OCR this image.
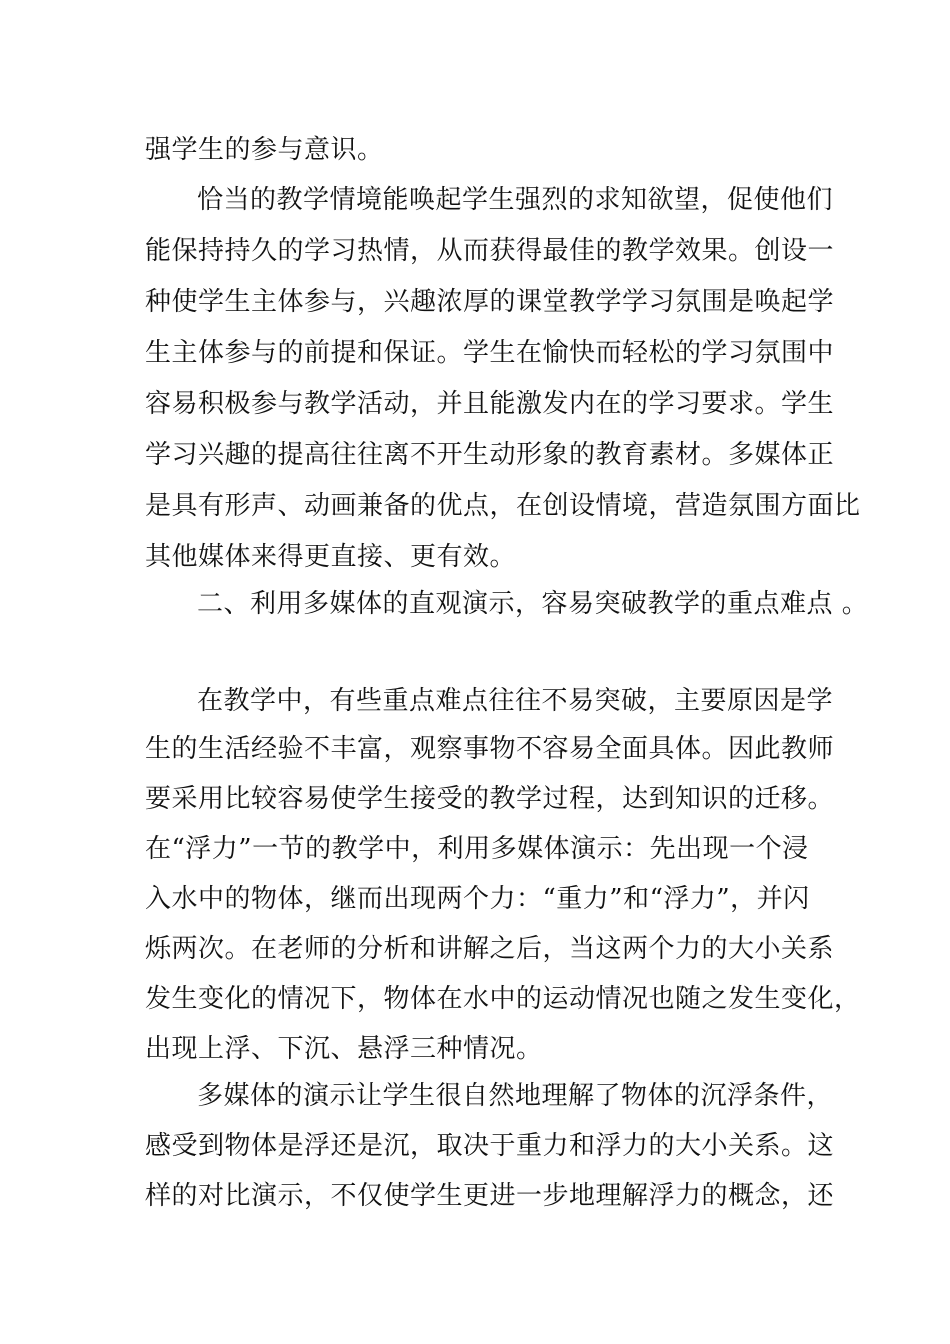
强学生的参与意识。
恰当的教学情境能唤起学生强烈的求知欲望，促使他们
能保持持久的学习热情，从而获得最佳的教学效果。创设一
种使学生主体参与，兴趣浓厚的课堂教学学习氛围是唤起学
生主体参与的前提和保证。学生在愉快而轻松的学习氛围中
容易积极参与教学活动，并且能激发内在的学习要求。学生
学习兴趣的提高往往离不开生动形象的教育素材。多媒体正
是具有形声、动画兼备的优点，在创设情境，营造氛围方面比
其他媒体来得更直接、更有效。
二、利用多媒体的直观演示，容易突破教学的重点难点 。
在教学中，有些重点难点往往不易突破，主要原因是学
生的生活经验不丰富，观察事物不容易全面具体。因此教师
要采用比较容易使学生接受的教学过程，达到知识的迁移。
在“浮力”一节的教学中，利用多媒体演示：先出现一个浸
入水中的物体，继而出现两个力：“重力”和“浮力”，并闪
烁两次。在老师的分析和讲解之后，当这两个力的大小关系
发生变化的情况下，物体在水中的运动情况也随之发生变化，
出现上浮、下沉、悬浮三种情况。
多媒体的演示让学生很自然地理解了物体的沉浮条件，
感受到物体是浮还是沉，取决于重力和浮力的大小关系。这
样的对比演示，不仅使学生更进一步地理解浮力的概念，还
